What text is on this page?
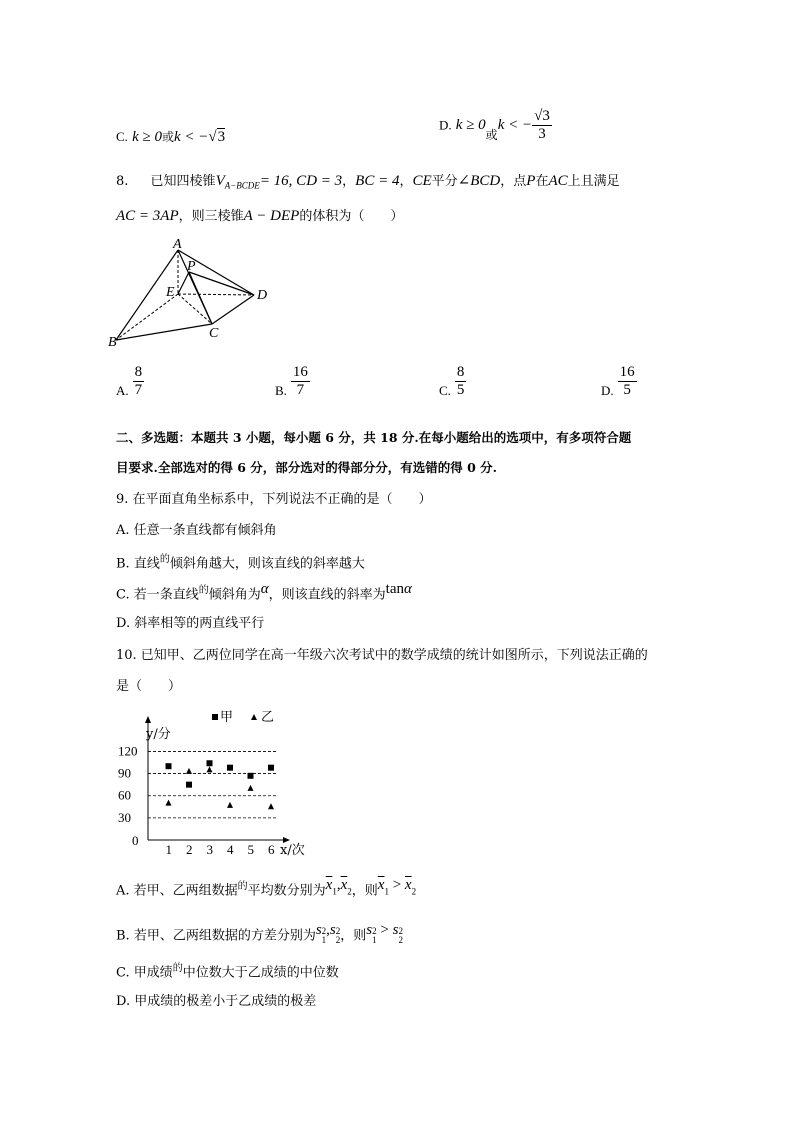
C. k ≥ 0或k < −√3
D. k ≥ 0或k < − $\frac{√3}{3}$
8. 已知四棱锥$V_{A-BCDE}= 16$, CD = 3，BC = 4，CE平分∠BCD，点P在AC上且满足
AC = 3AP，则三棱锥A − DEP的体积为（　　）
A
P
E	D
B
C
A. $\frac{8}{7}$	B. $\frac{16}{7}$	C. $\frac{8}{5}$	D. $\frac{16}{5}$
二、多选题：本题共 3 小题，每小题 6 分，共 18 分.在每小题给出的选项中，有多项符合题
目要求.全部选对的得 6 分，部分选对的得部分分，有选错的得 0 分.
9. 在平面直角坐标系中，下列说法不正确的是（　　）
A. 任意一条直线都有倾斜角
B. 直线$^的$倾斜角越大，则该直线的斜率越大
C. 若一条直线$^的$倾斜角为α，则该直线的斜率为tanα
D. 斜率相等的两直线平行
10. 已知甲、乙两位同学在高一年级六次考试中的数学成绩的统计如图所示，下列说法正确的
是（　　）
y/分
x/次
0
甲 乙
30
60
90
120
1 2 3 4 5 6
A. 若甲、乙两组数据$^的$平均数分别为$\overline{x}1,\overline{x}2$，则$\overline{x}1 > \overline{x}2$
B. 若甲、乙两组数据的方差分别为s 2
1
,s 2
2 ，则s 2
1
> s 2
2
C. 甲成绩$^的$中位数大于乙成绩的中位数
D. 甲成绩的极差小于乙成绩的极差
